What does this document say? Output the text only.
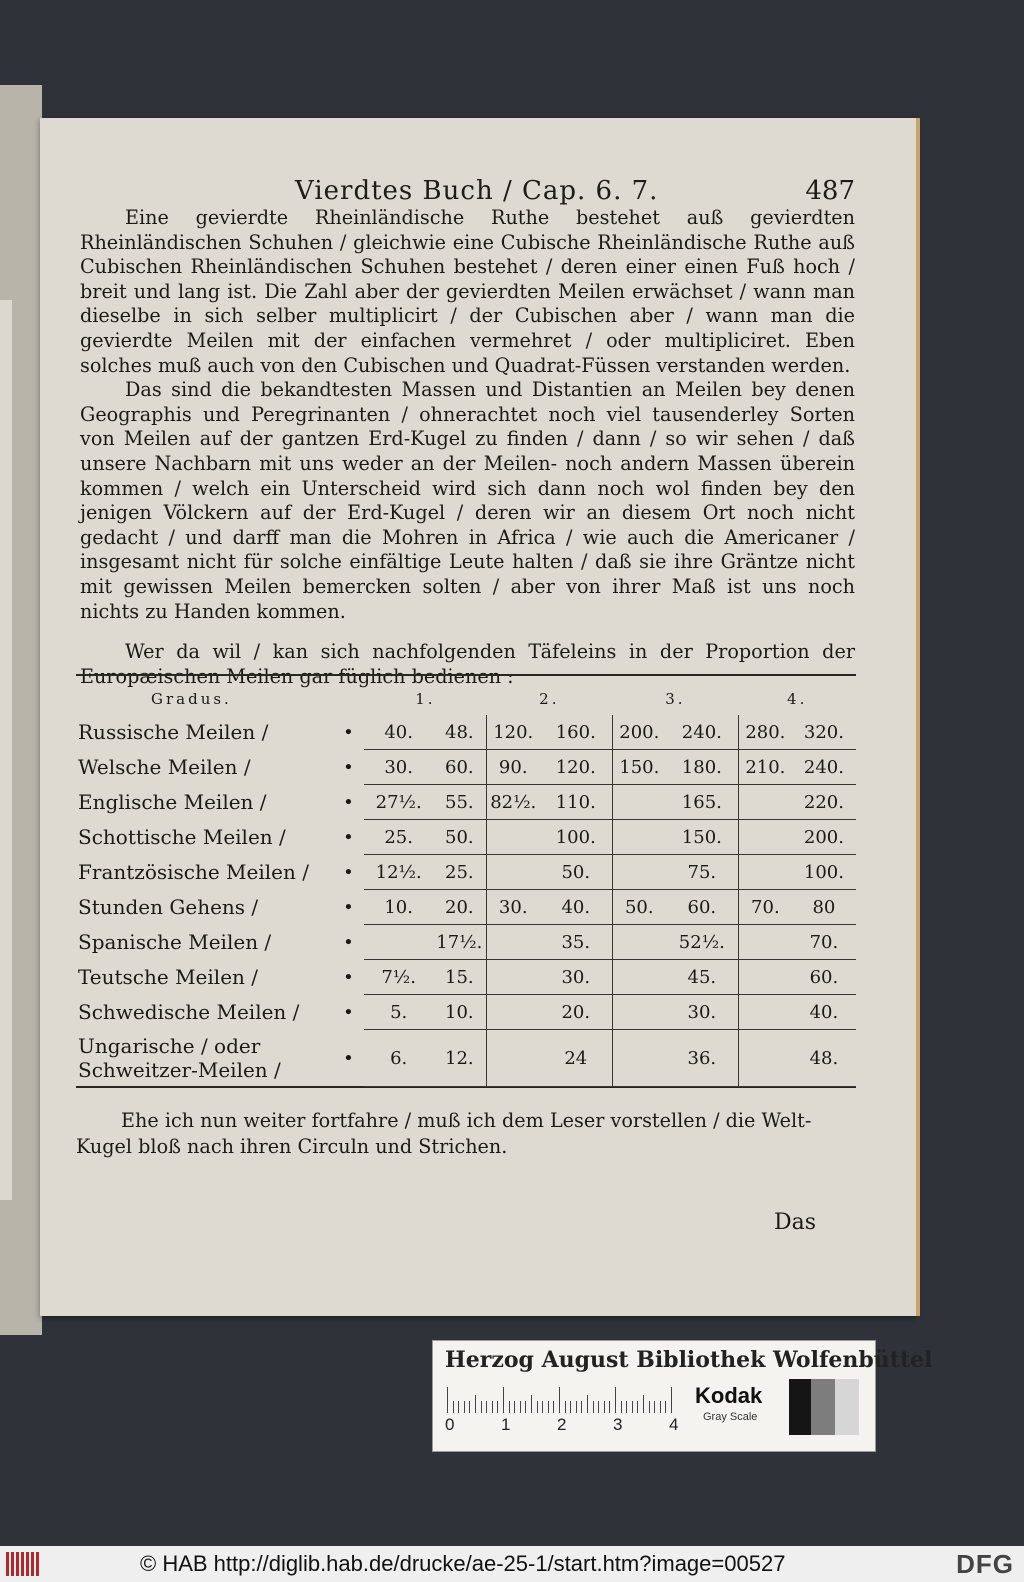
Vierdtes Buch / Cap. 6. 7.	487

Eine gevierdte Rheinländische Ruthe bestehet auß gevierdten Rheinländischen Schuhen / gleichwie eine Cubische Rheinländische Ruthe auß Cubischen Rheinländischen Schuhen bestehet / deren einer einen Fuß hoch / breit und lang ist. Die Zahl aber der gevierdten Meilen erwächset / wann man dieselbe in sich selber multiplicirt / der Cubischen aber / wann man die gevierdte Meilen mit der einfachen vermehret / oder multipliciret. Eben solches muß auch von den Cubischen und Quadrat-Füssen verstanden werden.

Das sind die bekandtesten Massen und Distantien an Meilen bey denen Geographis und Peregrinanten / ohnerachtet noch viel tausenderley Sorten von Meilen auf der gantzen Erd-Kugel zu finden / dann / so wir sehen / daß unsere Nachbarn mit uns weder an der Meilen- noch andern Massen überein kommen / welch ein Unterscheid wird sich dann noch wol finden bey den jenigen Völckern auf der Erd-Kugel / deren wir an diesem Ort noch nicht gedacht / und darff man die Mohren in Africa / wie auch die Americaner / insgesamt nicht für solche einfältige Leute halten / daß sie ihre Gräntze nicht mit gewissen Meilen bemercken solten / aber von ihrer Maß ist uns noch nichts zu Handen kommen.

Wer da wil / kan sich nachfolgenden Täfeleins in der Proportion der Europæischen Meilen gar füglich bedienen :

Gradus.		1.		2.		3.		4.	
Russische Meilen /	•	40.	48.	120.	160.	200.	240.	280.	320.
Welsche Meilen /	•	30.	60.	90.	120.	150.	180.	210.	240.
Englische Meilen /	•	27½.	55.	82½.	110.		165.		220.
Schottische Meilen /	•	25.	50.		100.		150.		200.
Frantzösische Meilen /	•	12½.	25.		50.		75.		100.
Stunden Gehens /	•	10.	20.	30.	40.	50.	60.	70.	80
Spanische Meilen /	•		17½.		35.		52½.		70.
Teutsche Meilen /	•	7½.	15.		30.		45.		60.
Schwedische Meilen /	•	5.	10.		20.		30.		40.
Ungarische / oder Schweitzer-Meilen /	•	6.	12.		24		36.		48.
Ehe ich nun weiter fortfahre / muß ich dem Leser vorstellen / die Welt-Kugel bloß nach ihren Circuln und Strichen.
Das
Herzog August Bibliothek Wolfenbüttel
0	1	2	3	4
Kodak
Gray Scale
© HAB http://diglib.hab.de/drucke/ae-25-1/start.htm?image=00527	DFG
